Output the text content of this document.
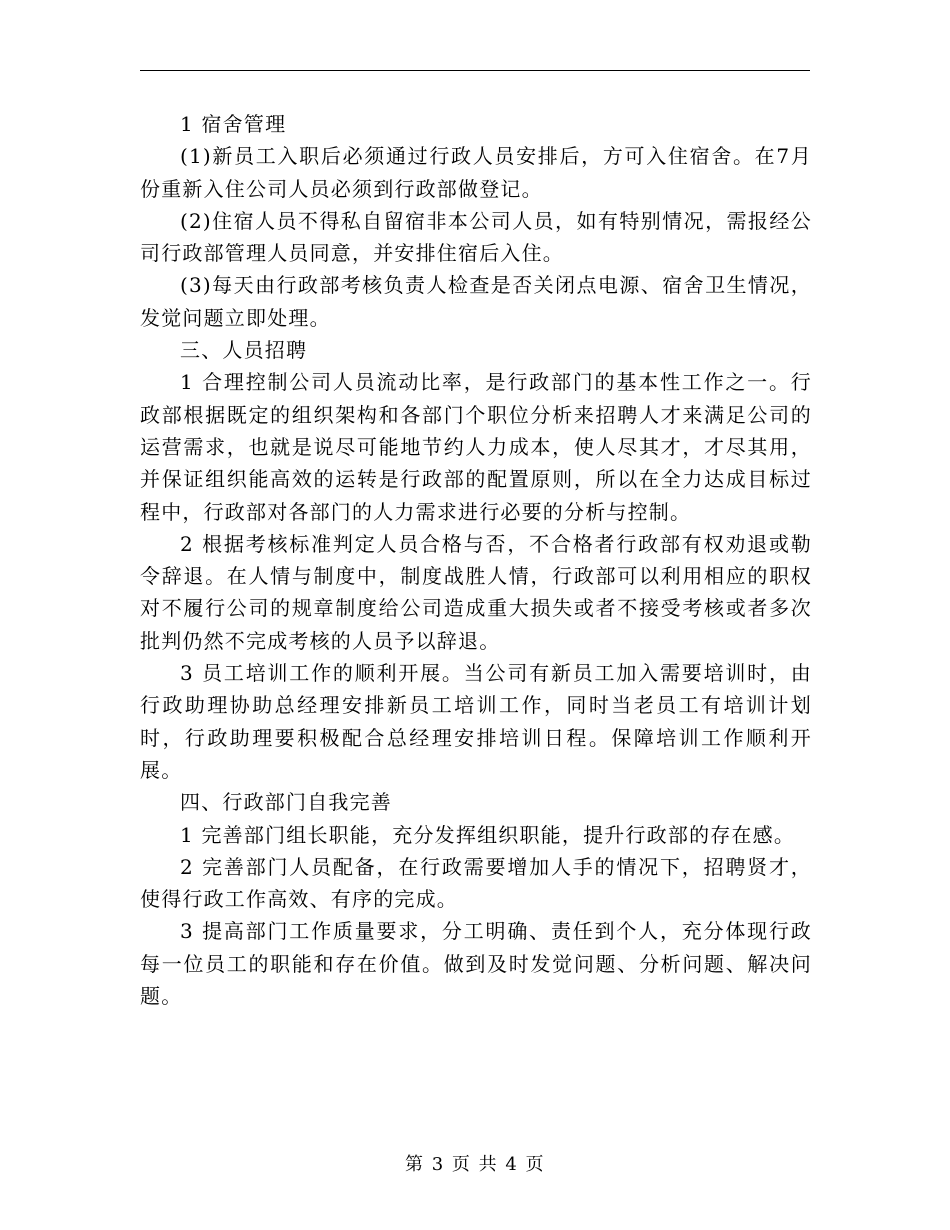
1 宿舍管理

(1)新员工入职后必须通过行政人员安排后，方可入住宿舍。在7月份重新入住公司人员必须到行政部做登记。

(2)住宿人员不得私自留宿非本公司人员，如有特别情况，需报经公司行政部管理人员同意，并安排住宿后入住。

(3)每天由行政部考核负责人检查是否关闭点电源、宿舍卫生情况，发觉问题立即处理。

三、人员招聘

1 合理控制公司人员流动比率，是行政部门的基本性工作之一。行政部根据既定的组织架构和各部门个职位分析来招聘人才来满足公司的运营需求，也就是说尽可能地节约人力成本，使人尽其才，才尽其用，并保证组织能高效的运转是行政部的配置原则，所以在全力达成目标过程中，行政部对各部门的人力需求进行必要的分析与控制。

2 根据考核标准判定人员合格与否，不合格者行政部有权劝退或勒令辞退。在人情与制度中，制度战胜人情，行政部可以利用相应的职权对不履行公司的规章制度给公司造成重大损失或者不接受考核或者多次批判仍然不完成考核的人员予以辞退。

3 员工培训工作的顺利开展。当公司有新员工加入需要培训时，由行政助理协助总经理安排新员工培训工作，同时当老员工有培训计划时，行政助理要积极配合总经理安排培训日程。保障培训工作顺利开展。

四、行政部门自我完善

1 完善部门组长职能，充分发挥组织职能，提升行政部的存在感。

2 完善部门人员配备，在行政需要增加人手的情况下，招聘贤才，使得行政工作高效、有序的完成。

3 提高部门工作质量要求，分工明确、责任到个人，充分体现行政每一位员工的职能和存在价值。做到及时发觉问题、分析问题、解决问题。

第 3 页 共 4 页
